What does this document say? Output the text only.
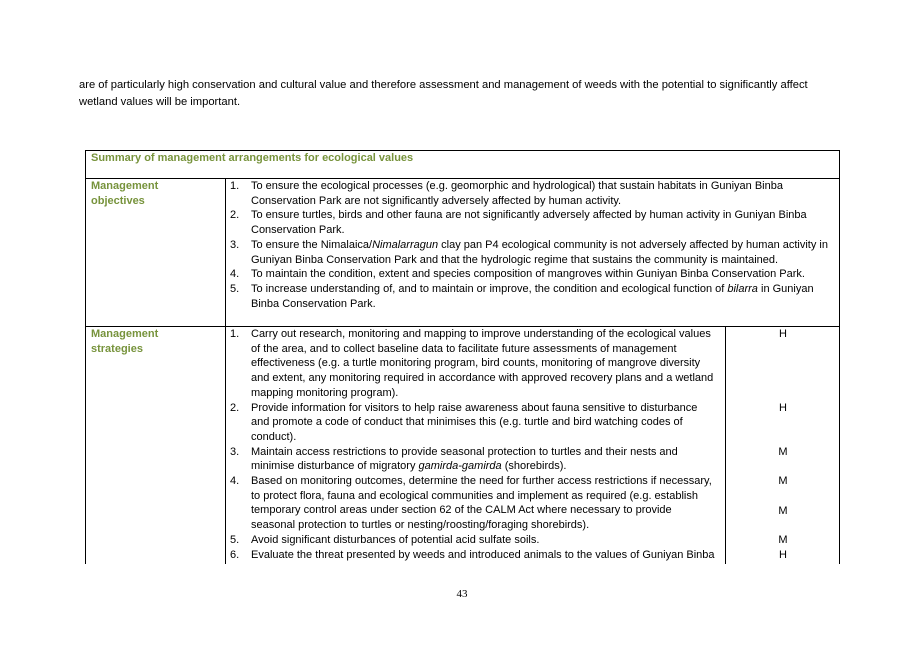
are of particularly high conservation and cultural value and therefore assessment and management of weeds with the potential to significantly affect wetland values will be important.

Summary of management arrangements for ecological values
Management
objectives
1. To ensure the ecological processes (e.g. geomorphic and hydrological) that sustain habitats in Guniyan Binba Conservation Park are not significantly adversely affected by human activity.
2. To ensure turtles, birds and other fauna are not significantly adversely affected by human activity in Guniyan Binba Conservation Park.
3. To ensure the Nimalaica/Nimalarragun clay pan P4 ecological community is not adversely affected by human activity in Guniyan Binba Conservation Park and that the hydrologic regime that sustains the community is maintained.
4. To maintain the condition, extent and species composition of mangroves within Guniyan Binba Conservation Park.
5. To increase understanding of, and to maintain or improve, the condition and ecological function of bilarra in Guniyan Binba Conservation Park.
Management
strategies
1. Carry out research, monitoring and mapping to improve understanding of the ecological values of the area, and to collect baseline data to facilitate future assessments of management effectiveness (e.g. a turtle monitoring program, bird counts, monitoring of mangrove diversity and extent, any monitoring required in accordance with approved recovery plans and a wetland mapping monitoring program).
2. Provide information for visitors to help raise awareness about fauna sensitive to disturbance and promote a code of conduct that minimises this (e.g. turtle and bird watching codes of conduct).
3. Maintain access restrictions to provide seasonal protection to turtles and their nests and minimise disturbance of migratory gamirda-gamirda (shorebirds).
4. Based on monitoring outcomes, determine the need for further access restrictions if necessary, to protect flora, fauna and ecological communities and implement as required (e.g. establish temporary control areas under section 62 of the CALM Act where necessary to provide seasonal protection to turtles or nesting/roosting/foraging shorebirds).
5. Avoid significant disturbances of potential acid sulfate soils.
6. Evaluate the threat presented by weeds and introduced animals to the values of Guniyan Binba
H
H
M
M
M
M
H
43
